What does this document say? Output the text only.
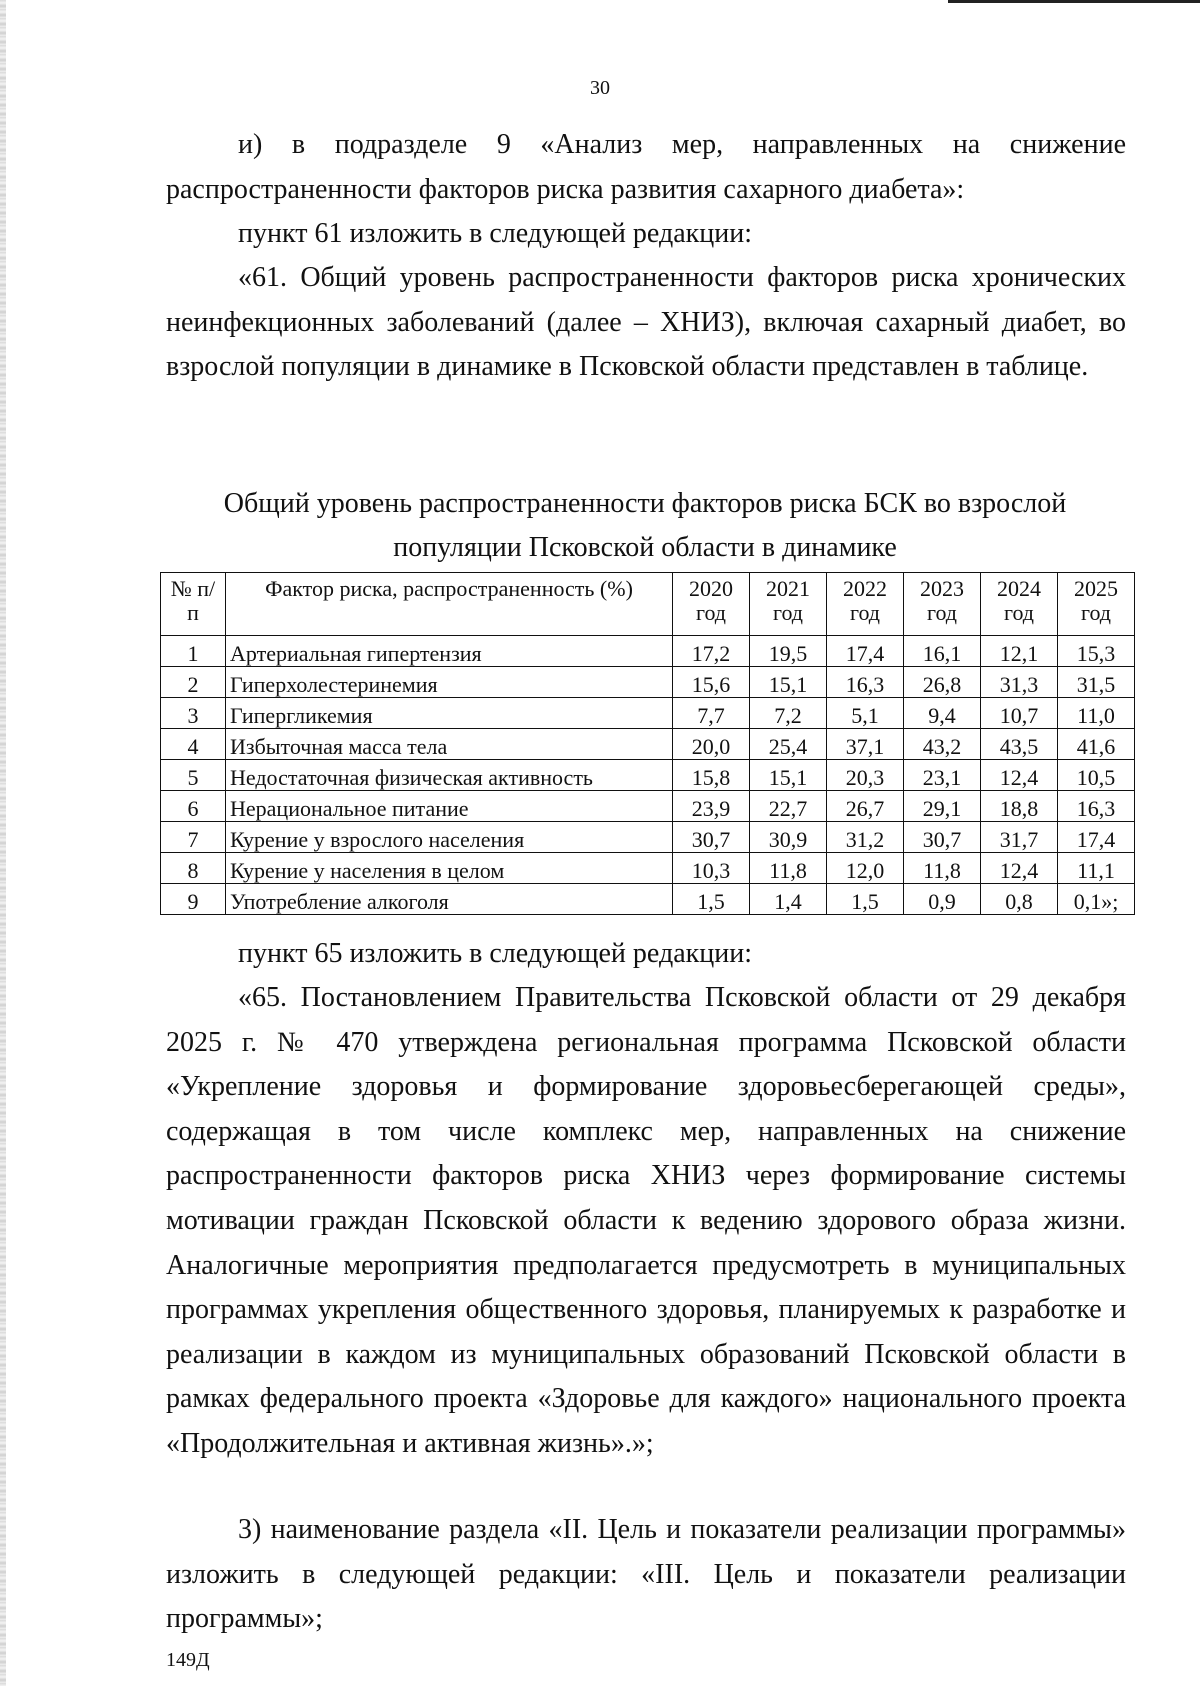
30

и) в подразделе 9 «Анализ мер, направленных на снижение распространенности факторов риска развития сахарного диабета»:

пункт 61 изложить в следующей редакции:

«61. Общий уровень распространенности факторов риска хронических неинфекционных заболеваний (далее – ХНИЗ), включая сахарный диабет, во взрослой популяции в динамике в Псковской области представлен в таблице.

Общий уровень распространенности факторов риска БСК во взрослой
популяции Псковской области в динамике
№ п/п	Фактор риска, распространенность (%)	2020 год	2021 год	2022 год	2023 год	2024 год	2025 год
1	Артериальная гипертензия	17,2	19,5	17,4	16,1	12,1	15,3
2	Гиперхолестеринемия	15,6	15,1	16,3	26,8	31,3	31,5
3	Гипергликемия	7,7	7,2	5,1	9,4	10,7	11,0
4	Избыточная масса тела	20,0	25,4	37,1	43,2	43,5	41,6
5	Недостаточная физическая активность	15,8	15,1	20,3	23,1	12,4	10,5
6	Нерациональное питание	23,9	22,7	26,7	29,1	18,8	16,3
7	Курение у взрослого населения	30,7	30,9	31,2	30,7	31,7	17,4
8	Курение у населения в целом	10,3	11,8	12,0	11,8	12,4	11,1
9	Употребление алкоголя	1,5	1,4	1,5	0,9	0,8	0,1»;

пункт 65 изложить в следующей редакции:

«65. Постановлением Правительства Псковской области от 29 декабря 2025 г. № 470 утверждена региональная программа Псковской области «Укрепление здоровья и формирование здоровьесберегающей среды», содержащая в том числе комплекс мер, направленных на снижение распространенности факторов риска ХНИЗ через формирование системы мотивации граждан Псковской области к ведению здорового образа жизни. Аналогичные мероприятия предполагается предусмотреть в муниципальных программах укрепления общественного здоровья, планируемых к разработке и реализации в каждом из муниципальных образований Псковской области в рамках федерального проекта «Здоровье для каждого» национального проекта «Продолжительная и активная жизнь».»;

3) наименование раздела «II. Цель и показатели реализации программы» изложить в следующей редакции: «III. Цель и показатели реализации программы»;

149Д
